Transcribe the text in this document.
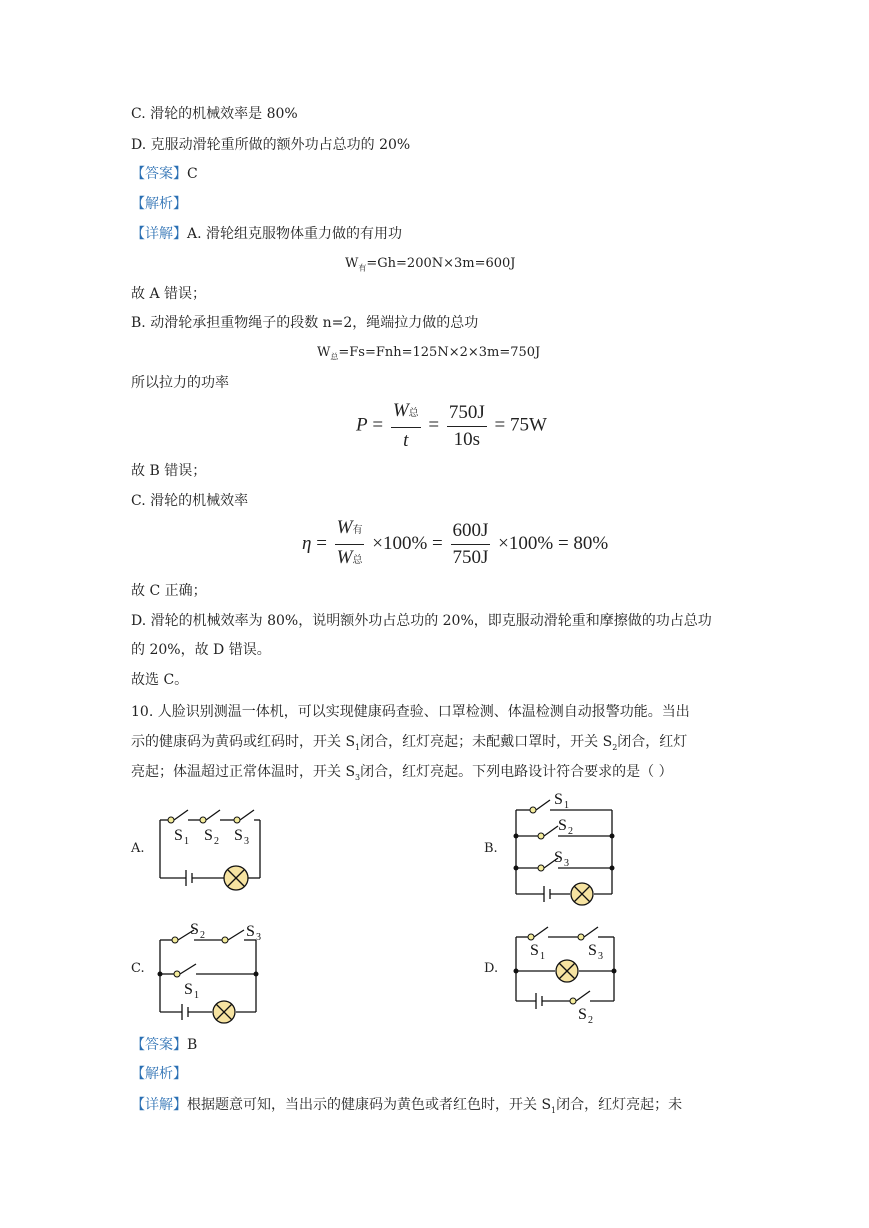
C. 滑轮的机械效率是 80%
D. 克服动滑轮重所做的额外功占总功的 20%
【答案】C
【解析】
【详解】A. 滑轮组克服物体重力做的有用功
$W_有=Gh=200N\times 3m=600J$
故 A 错误；
B. 动滑轮承担重物绳子的段数 n=2，绳端拉力做的总功
$W_总=Fs=Fnh=125N\times 2\times 3m=750J$
所以拉力的功率
$P = \frac{\text{W总}}{t} = \frac{750J}{10s} = 75W$
故 B 错误；
C. 滑轮的机械效率
$\eta = \frac{\text{W有}}{\text{W总}} \times 100\% = \frac{600J}{750J} \times 100\% = 80\%$
故 C 正确；
D. 滑轮的机械效率为 80%，说明额外功占总功的 20%，即克服动滑轮重和摩擦做的功占总功
的 20%，故 D 错误。
故选 C。
10. 人脸识别测温一体机，可以实现健康码查验、口罩检测、体温检测自动报警功能。当出
示的健康码为黄码或红码时，开关 $S_1$闭合，红灯亮起；未配戴口罩时，开关 $S_2$闭合，红灯
亮起；体温超过正常体温时，开关 $S_3$闭合，红灯亮起。下列电路设计符合要求的是（ ）
A.	B.
C.	D.
S 1 S 2 S 3
S 1
S 2
S 3
S 2	S 3
S 1
S 1	S 3
S 2
【答案】B
【解析】
【详解】根据题意可知，当出示的健康码为黄色或者红色时，开关 $S_1$闭合，红灯亮起；未
